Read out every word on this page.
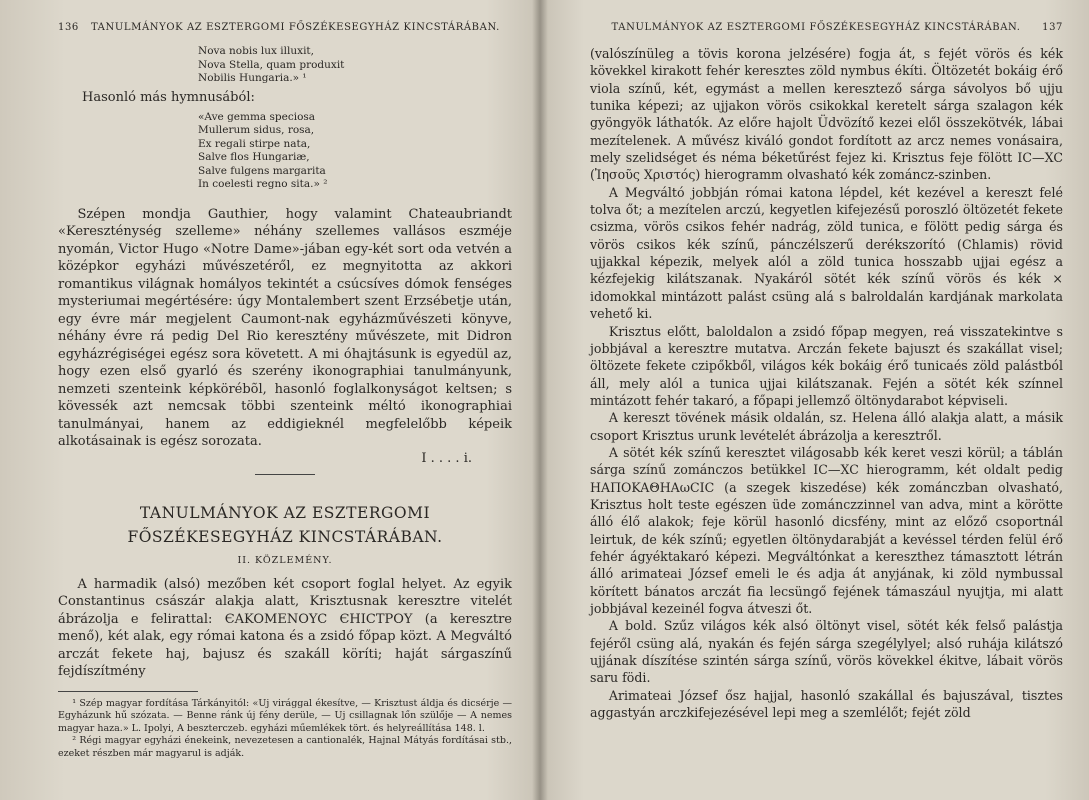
136	TANULMÁNYOK AZ ESZTERGOMI FŐSZÉKESEGYHÁZ KINCSTÁRÁBAN.
Nova nobis lux illuxit,
Nova Stella, quam produxit
Nobilis Hungaria.» ¹
Hasonló más hymnusából:
«Ave gemma speciosa
Mullerum sidus, rosa,
Ex regali stirpe nata,
Salve flos Hungariæ,
Salve fulgens margarita
In coelesti regno sita.» ²

Szépen mondja Gauthier, hogy valamint Chateaubriandt «Kereszténység szelleme» néhány szellemes vallásos eszméje nyomán, Victor Hugo «Notre Dame»-jában egy-két sort oda vetvén a középkor egyházi művészetéről, ez megnyitotta az akkori romantikus világnak homályos tekintét a csúcsíves dómok fenséges mysteriumai megértésére: úgy Montalembert szent Erzsébetje után, egy évre már megjelent Caumont-nak egyházművészeti könyve, néhány évre rá pedig Del Rio keresztény művészete, mit Didron egyházrégiségei egész sora követett. A mi óhajtásunk is egyedül az, hogy ezen első gyarló és szerény ikonographiai tanulmányunk, nemzeti szenteink képkörébõl, hasonló foglalkonyságot keltsen; s kövessék azt nemcsak többi szenteink méltó ikonographiai tanulmányai, hanem az eddigieknél megfelelőbb képeik alkotásainak is egész sorozata.

I . . . . i.
TANULMÁNYOK AZ ESZTERGOMI FŐSZÉKESEGYHÁZ KINCSTÁRÁBAN.
II. KÖZLEMÉNY.

A harmadik (alsó) mezőben két csoport foglal helyet. Az egyik Constantinus császár alakja alatt, Krisztusnak keresztre vitelét ábrázolja e felirattal: ЄAKOMENOYC ЄHICTPOY (a keresztre menő), két alak, egy római katona és a zsidó főpap közt. A Megváltó arczát fekete haj, bajusz és szakáll köríti; haját sárgaszínű fejdíszítmény

¹ Szép magyar fordítása Tárkányitól: «Uj virággal ékesítve, — Krisztust áldja és dicsérje — Egyházunk hű szózata. — Benne ránk új fény derüle, — Uj csillagnak lőn szülője — A nemes magyar haza.» L. Ipolyi, A beszterczeb. egyházi műemlékek tört. és helyreállítása 148. l.

² Régi magyar egyházi énekeink, nevezetesen a cantionalék, Hajnal Mátyás fordításai stb., ezeket részben már magyarul is adják.

TANULMÁNYOK AZ ESZTERGOMI FŐSZÉKESEGYHÁZ KINCSTÁRÁBAN.	137

(valószínüleg a tövis korona jelzésére) fogja át, s fejét vörös és kék kövekkel kirakott fehér keresztes zöld nymbus ékíti. Öltözetét bokáig érő viola színű, két, egymást a mellen keresztező sárga sávolyos bő ujju tunika képezi; az ujjakon vörös csikokkal keretelt sárga szalagon kék gyöngyök láthatók. Az előre hajolt Üdvözítő kezei elől összekötvék, lábai mezítelenek. A művész kiváló gondot fordított az arcz nemes vonásaira, mely szelidséget és néma béketűrést fejez ki. Krisztus feje fölött IC—XC (Ἰησοῦς Χριστός) hierogramm olvasható kék zománcz-szinben.

A Megváltó jobbján római katona lépdel, két kezével a kereszt felé tolva őt; a mezítelen arczú, kegyetlen kifejezésű poroszló öltözetét fekete csizma, vörös csikos fehér nadrág, zöld tunica, e fölött pedig sárga és vörös csikos kék színű, pánczélszerű derékszorító (Chlamis) rövid ujjakkal képezik, melyek alól a zöld tunica hosszabb ujjai egész a kézfejekig kilátszanak. Nyakáról sötét kék színű vörös és kék × idomokkal mintázott palást csüng alá s balroldalán kardjának markolata vehető ki.

Krisztus előtt, baloldalon a zsidó főpap megyen, reá visszatekintve s jobbjával a keresztre mutatva. Arczán fekete bajuszt és szakállat visel; öltözete fekete czipőkből, világos kék bokáig érő tunicaés zöld palástból áll, mely alól a tunica ujjai kilátszanak. Fején a sötét kék színnel mintázott fehér takaró, a főpapi jellemző öltönydarabot képviseli.

A kereszt tövének másik oldalán, sz. Helena álló alakja alatt, a másik csoport Krisztus urunk levételét ábrázolja a keresztről.

A sötét kék színű keresztet világosabb kék keret veszi körül; a táblán sárga színű zománczos betükkel IC—XC hierogramm, két oldalt pedig HAΠOKAΘHAωCIC (a szegek kiszedése) kék zománczban olvasható, Krisztus holt teste egészen üde zománczzinnel van adva, mint a körötte álló élő alakok; feje körül hasonló dicsfény, mint az előző csoportnál leirtuk, de kék színű; egyetlen öltönydarabját a kevéssel térden felül érő fehér ágyéktakaró képezi. Megváltónkat a kereszthez támasztott létrán álló arimateai József emeli le és adja át anyjának, ki zöld nymbussal körített bánatos arczát fia lecsüngő fejének támaszául nyujtja, mi alatt jobbjával kezeinél fogva átveszi őt.

A bold. Szűz világos kék alsó öltönyt visel, sötét kék felső palástja fejéről csüng alá, nyakán és fején sárga szegélylyel; alsó ruhája kilátszó ujjának díszítése szintén sárga színű, vörös kövekkel ékitve, lábait vörös saru födi.

Arimateai József ősz hajjal, hasonló szakállal és bajuszával, tisztes aggastyán arczkifejezésével lepi meg a szemlélőt; fejét zöld
